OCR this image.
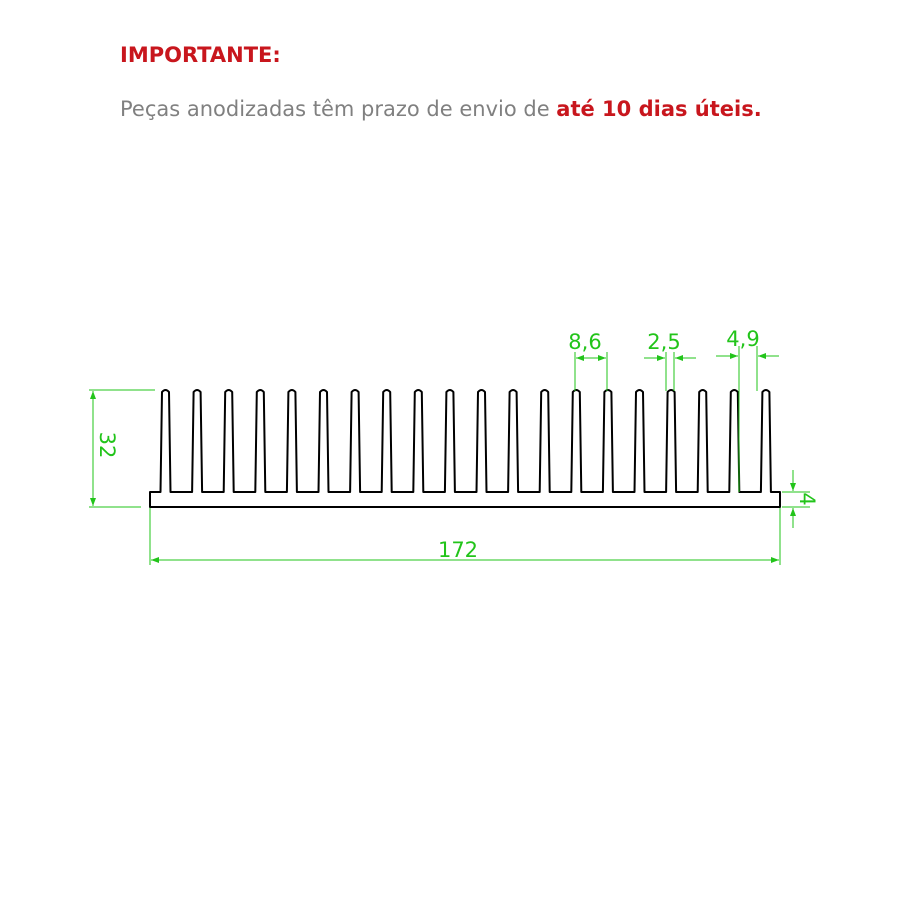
IMPORTANTE:
Peças anodizadas têm prazo de envio de até 10 dias úteis.
32
172
4
8,6 2,5 4,9
